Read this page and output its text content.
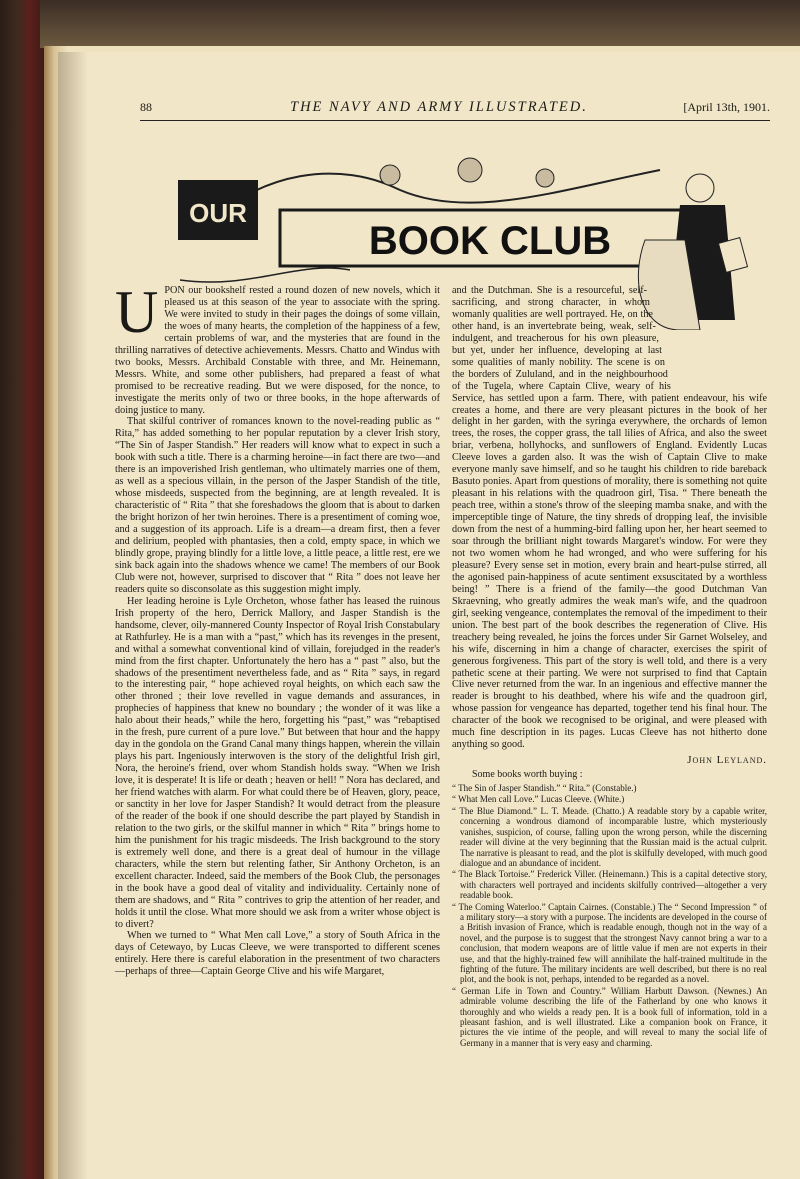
88	THE NAVY AND ARMY ILLUSTRATED.	[April 13th, 1901.
OUR
BOOK CLUB

UPON our bookshelf rested a round dozen of new novels, which it pleased us at this season of the year to associate with the spring. We were invited to study in their pages the doings of some villain, the woes of many hearts, the completion of the happiness of a few, certain problems of war, and the mysteries that are found in the thrilling narratives of detective achievements. Messrs. Chatto and Windus with two books, Messrs. Archibald Constable with three, and Mr. Heinemann, Messrs. White, and some other publishers, had prepared a feast of what promised to be recreative reading. But we were disposed, for the nonce, to investigate the merits only of two or three books, in the hope afterwards of doing justice to many.

That skilful contriver of romances known to the novel-reading public as “ Rita,” has added something to her popular reputation by a clever Irish story, “The Sin of Jasper Standish.” Her readers will know what to expect in such a book with such a title. There is a charming heroine—in fact there are two—and there is an impoverished Irish gentleman, who ultimately marries one of them, as well as a specious villain, in the person of the Jasper Standish of the title, whose misdeeds, suspected from the beginning, are at length revealed. It is characteristic of “ Rita ” that she foreshadows the gloom that is about to darken the bright horizon of her twin heroines. There is a presentiment of coming woe, and a suggestion of its approach. Life is a dream—a dream first, then a fever and delirium, peopled with phantasies, then a cold, empty space, in which we blindly grope, praying blindly for a little love, a little peace, a little rest, ere we sink back again into the shadows whence we came! The members of our Book Club were not, however, surprised to discover that “ Rita ” does not leave her readers quite so disconsolate as this suggestion might imply.

Her leading heroine is Lyle Orcheton, whose father has leased the ruinous Irish property of the hero, Derrick Mallory, and Jasper Standish is the handsome, clever, oily-mannered County Inspector of Royal Irish Constabulary at Rathfurley. He is a man with a “past,” which has its revenges in the present, and withal a somewhat conventional kind of villain, forejudged in the reader's mind from the first chapter. Unfortunately the hero has a “ past ” also, but the shadows of the presentiment nevertheless fade, and as “ Rita ” says, in regard to the interesting pair, “ hope achieved royal heights, on which each saw the other throned ; their love revelled in vague demands and assurances, in prophecies of happiness that knew no boundary ; the wonder of it was like a halo about their heads,” while the hero, forgetting his “past,” was “rebaptised in the fresh, pure current of a pure love.” But between that hour and the happy day in the gondola on the Grand Canal many things happen, wherein the villain plays his part. Ingeniously interwoven is the story of the delightful Irish girl, Nora, the heroine's friend, over whom Standish holds sway. “When we Irish love, it is desperate! It is life or death ; heaven or hell! ” Nora has declared, and her friend watches with alarm. For what could there be of Heaven, glory, peace, or sanctity in her love for Jasper Standish? It would detract from the pleasure of the reader of the book if one should describe the part played by Standish in relation to the two girls, or the skilful manner in which “ Rita ” brings home to him the punishment for his tragic misdeeds. The Irish background to the story is extremely well done, and there is a great deal of humour in the village characters, while the stern but relenting father, Sir Anthony Orcheton, is an excellent character. Indeed, said the members of the Book Club, the personages in the book have a good deal of vitality and individuality. Certainly none of them are shadows, and “ Rita ” contrives to grip the attention of her reader, and holds it until the close. What more should we ask from a writer whose object is to divert?

When we turned to “ What Men call Love,” a story of South Africa in the days of Cetewayo, by Lucas Cleeve, we were transported to different scenes entirely. Here there is careful elaboration in the presentment of two characters—perhaps of three—Captain George Clive and his wife Margaret,

and the Dutchman. She is a resourceful, self-sacrificing, and strong character, in whom womanly qualities are well portrayed. He, on the other hand, is an invertebrate being, weak, self-indulgent, and treacherous for his own pleasure, but yet, under her influence, developing at last some qualities of manly nobility. The scene is on the borders of Zululand, and in the neighbourhood of the Tugela, where Captain Clive, weary of his Service, has settled upon a farm. There, with patient endeavour, his wife creates a home, and there are very pleasant pictures in the book of her delight in her garden, with the syringa everywhere, the orchards of lemon trees, the roses, the copper grass, the tall lilies of Africa, and also the sweet briar, verbena, hollyhocks, and sunflowers of England. Evidently Lucas Cleeve loves a garden also. It was the wish of Captain Clive to make everyone manly save himself, and so he taught his children to ride bareback Basuto ponies. Apart from questions of morality, there is something not quite pleasant in his relations with the quadroon girl, Tisa. “ There beneath the peach tree, within a stone's throw of the sleeping mamba snake, and with the imperceptible tinge of Nature, the tiny shreds of dropping leaf, the invisible down from the nest of a humming-bird falling upon her, her heart seemed to soar through the brilliant night towards Margaret's window. For were they not two women whom he had wronged, and who were suffering for his pleasure? Every sense set in motion, every brain and heart-pulse stirred, all the agonised pain-happiness of acute sentiment exsuscitated by a worthless being! ” There is a friend of the family—the good Dutchman Van Skraevning, who greatly admires the weak man's wife, and the quadroon girl, seeking vengeance, contemplates the removal of the impediment to their union. The best part of the book describes the regeneration of Clive. His treachery being revealed, he joins the forces under Sir Garnet Wolseley, and his wife, discerning in him a change of character, exercises the spirit of generous forgiveness. This part of the story is well told, and there is a very pathetic scene at their parting. We were not surprised to find that Captain Clive never returned from the war. In an ingenious and effective manner the reader is brought to his deathbed, where his wife and the quadroon girl, whose passion for vengeance has departed, together tend his final hour. The character of the book we recognised to be original, and were pleased with much fine description in its pages. Lucas Cleeve has not hitherto done anything so good.

John Leyland.
Some books worth buying :
“ The Sin of Jasper Standish.” “ Rita.” (Constable.)
“ What Men call Love.” Lucas Cleeve. (White.)
“ The Blue Diamond.” L. T. Meade. (Chatto.) A readable story by a capable writer, concerning a wondrous diamond of incomparable lustre, which mysteriously vanishes, suspicion, of course, falling upon the wrong person, while the discerning reader will divine at the very beginning that the Russian maid is the actual culprit. The narrative is pleasant to read, and the plot is skilfully developed, with much good dialogue and an abundance of incident.
“ The Black Tortoise.” Frederick Viller. (Heinemann.) This is a capital detective story, with characters well portrayed and incidents skilfully contrived—altogether a very readable book.
“ The Coming Waterloo.” Captain Cairnes. (Constable.) The “ Second Impression ” of a military story—a story with a purpose. The incidents are developed in the course of a British invasion of France, which is readable enough, though not in the way of a novel, and the purpose is to suggest that the strongest Navy cannot bring a war to a conclusion, that modern weapons are of little value if men are not experts in their use, and that the highly-trained few will annihilate the half-trained multitude in the fighting of the future. The military incidents are well described, but there is no real plot, and the book is not, perhaps, intended to be regarded as a novel.
“ German Life in Town and Country.” William Harbutt Dawson. (Newnes.) An admirable volume describing the life of the Fatherland by one who knows it thoroughly and who wields a ready pen. It is a book full of information, told in a pleasant fashion, and is well illustrated. Like a companion book on France, it pictures the vie intime of the people, and will reveal to many the social life of Germany in a manner that is very easy and charming.
